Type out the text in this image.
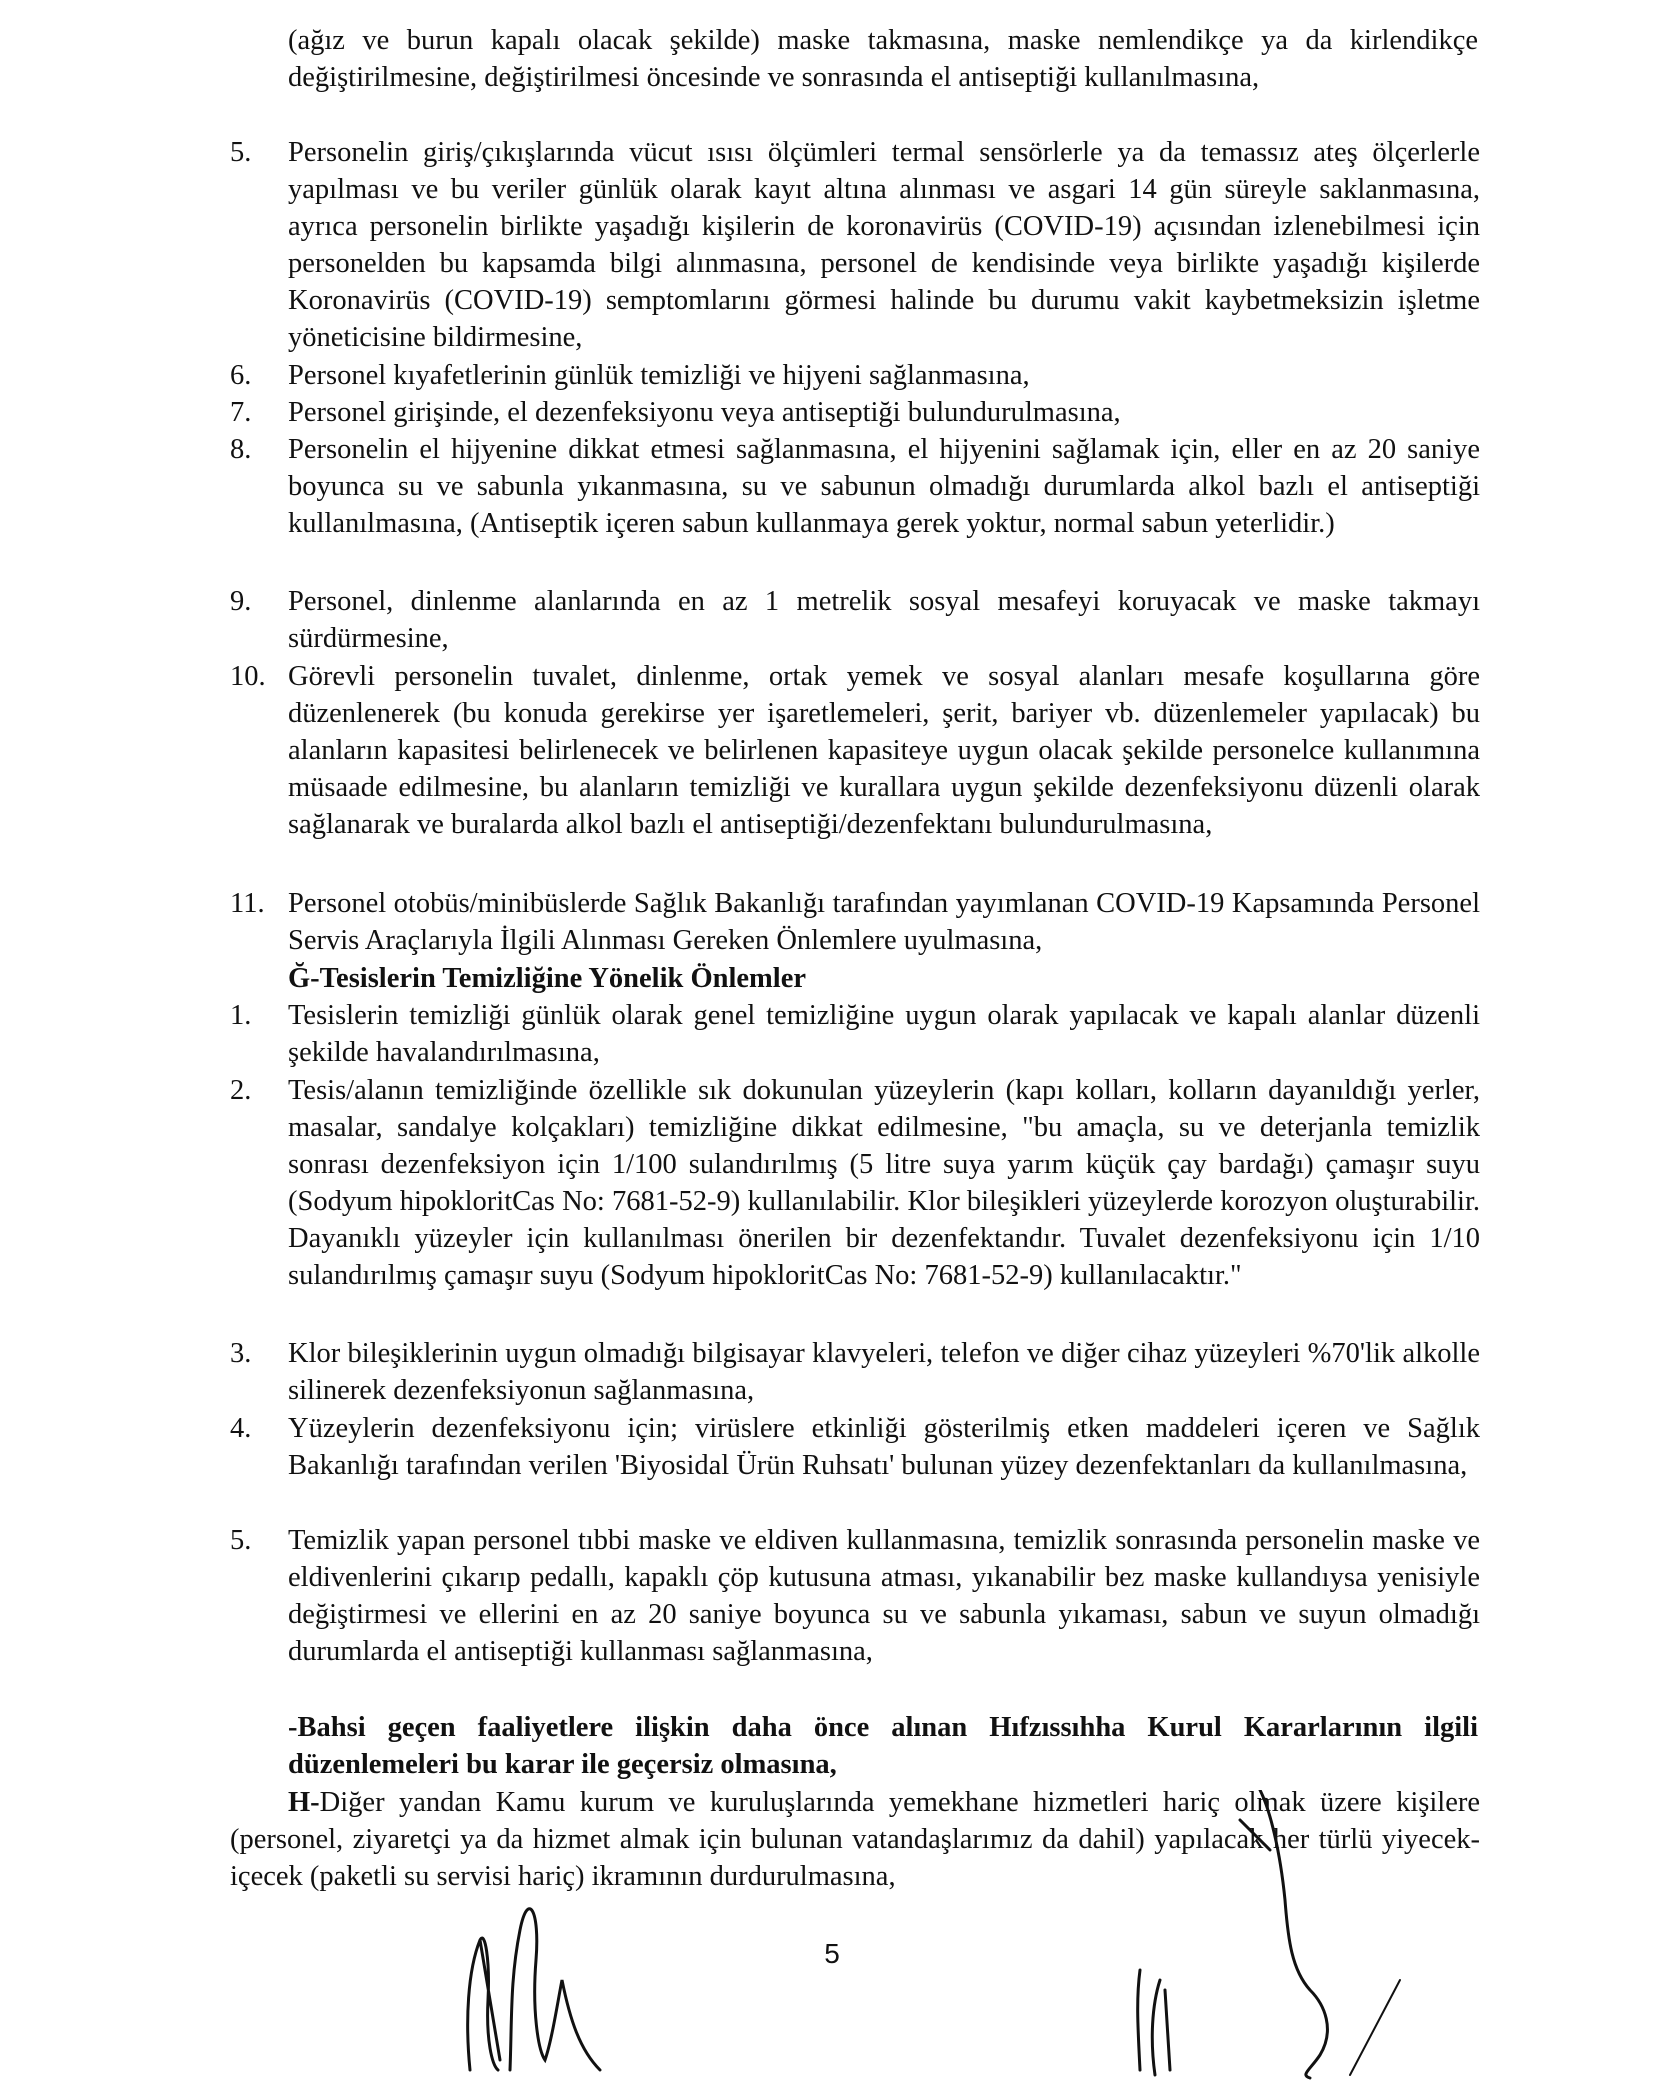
(ağız ve burun kapalı olacak şekilde) maske takmasına, maske nemlendikçe ya da kirlendikçe değiştirilmesine, değiştirilmesi öncesinde ve sonrasında el antiseptiği kullanılmasına,
5.	Personelin giriş/çıkışlarında vücut ısısı ölçümleri termal sensörlerle ya da temassız ateş ölçerlerle yapılması ve bu veriler günlük olarak kayıt altına alınması ve asgari 14 gün süreyle saklanmasına, ayrıca personelin birlikte yaşadığı kişilerin de koronavirüs (COVID-19) açısından izlenebilmesi için personelden bu kapsamda bilgi alınmasına, personel de kendisinde veya birlikte yaşadığı kişilerde Koronavirüs (COVID-19) semptomlarını görmesi halinde bu durumu vakit kaybetmeksizin işletme yöneticisine bildirmesine,
6.	Personel kıyafetlerinin günlük temizliği ve hijyeni sağlanmasına,
7.	Personel girişinde, el dezenfeksiyonu veya antiseptiği bulundurulmasına,
8.	Personelin el hijyenine dikkat etmesi sağlanmasına, el hijyenini sağlamak için, eller en az 20 saniye boyunca su ve sabunla yıkanmasına, su ve sabunun olmadığı durumlarda alkol bazlı el antiseptiği kullanılmasına, (Antiseptik içeren sabun kullanmaya gerek yoktur, normal sabun yeterlidir.)
9.	Personel, dinlenme alanlarında en az 1 metrelik sosyal mesafeyi koruyacak ve maske takmayı sürdürmesine,
10. Görevli personelin tuvalet, dinlenme, ortak yemek ve sosyal alanları mesafe koşullarına göre düzenlenerek (bu konuda gerekirse yer işaretlemeleri, şerit, bariyer vb. düzenlemeler yapılacak) bu alanların kapasitesi belirlenecek ve belirlenen kapasiteye uygun olacak şekilde personelce kullanımına müsaade edilmesine, bu alanların temizliği ve kurallara uygun şekilde dezenfeksiyonu düzenli olarak sağlanarak ve buralarda alkol bazlı el antiseptiği/dezenfektanı bulundurulmasına,
11. Personel otobüs/minibüslerde Sağlık Bakanlığı tarafından yayımlanan COVID-19 Kapsamında Personel Servis Araçlarıyla İlgili Alınması Gereken Önlemlere uyulmasına,
Ğ-Tesislerin Temizliğine Yönelik Önlemler
1.	Tesislerin temizliği günlük olarak genel temizliğine uygun olarak yapılacak ve kapalı alanlar düzenli şekilde havalandırılmasına,
2.	Tesis/alanın temizliğinde özellikle sık dokunulan yüzeylerin (kapı kolları, kolların dayanıldığı yerler, masalar, sandalye kolçakları) temizliğine dikkat edilmesine, "bu amaçla, su ve deterjanla temizlik sonrası dezenfeksiyon için 1/100 sulandırılmış (5 litre suya yarım küçük çay bardağı) çamaşır suyu (Sodyum hipokloritCas No: 7681-52-9) kullanılabilir. Klor bileşikleri yüzeylerde korozyon oluşturabilir. Dayanıklı yüzeyler için kullanılması önerilen bir dezenfektandır. Tuvalet dezenfeksiyonu için 1/10 sulandırılmış çamaşır suyu (Sodyum hipokloritCas No: 7681-52-9) kullanılacaktır."
3.	Klor bileşiklerinin uygun olmadığı bilgisayar klavyeleri, telefon ve diğer cihaz yüzeyleri %70'lik alkolle silinerek dezenfeksiyonun sağlanmasına,
4.	Yüzeylerin dezenfeksiyonu için; virüslere etkinliği gösterilmiş etken maddeleri içeren ve Sağlık Bakanlığı tarafından verilen 'Biyosidal Ürün Ruhsatı' bulunan yüzey dezenfektanları da kullanılmasına,
5.	Temizlik yapan personel tıbbi maske ve eldiven kullanmasına, temizlik sonrasında personelin maske ve eldivenlerini çıkarıp pedallı, kapaklı çöp kutusuna atması, yıkanabilir bez maske kullandıysa yenisiyle değiştirmesi ve ellerini en az 20 saniye boyunca su ve sabunla yıkaması, sabun ve suyun olmadığı durumlarda el antiseptiği kullanması sağlanmasına,
-Bahsi geçen faaliyetlere ilişkin daha önce alınan Hıfzıssıhha Kurul Kararlarının ilgili düzenlemeleri bu karar ile geçersiz olmasına,
H-Diğer yandan Kamu kurum ve kuruluşlarında yemekhane hizmetleri hariç olmak üzere kişilere (personel, ziyaretçi ya da hizmet almak için bulunan vatandaşlarımız da dahil) yapılacak her türlü yiyecek-içecek (paketli su servisi hariç) ikramının durdurulmasına,
5
